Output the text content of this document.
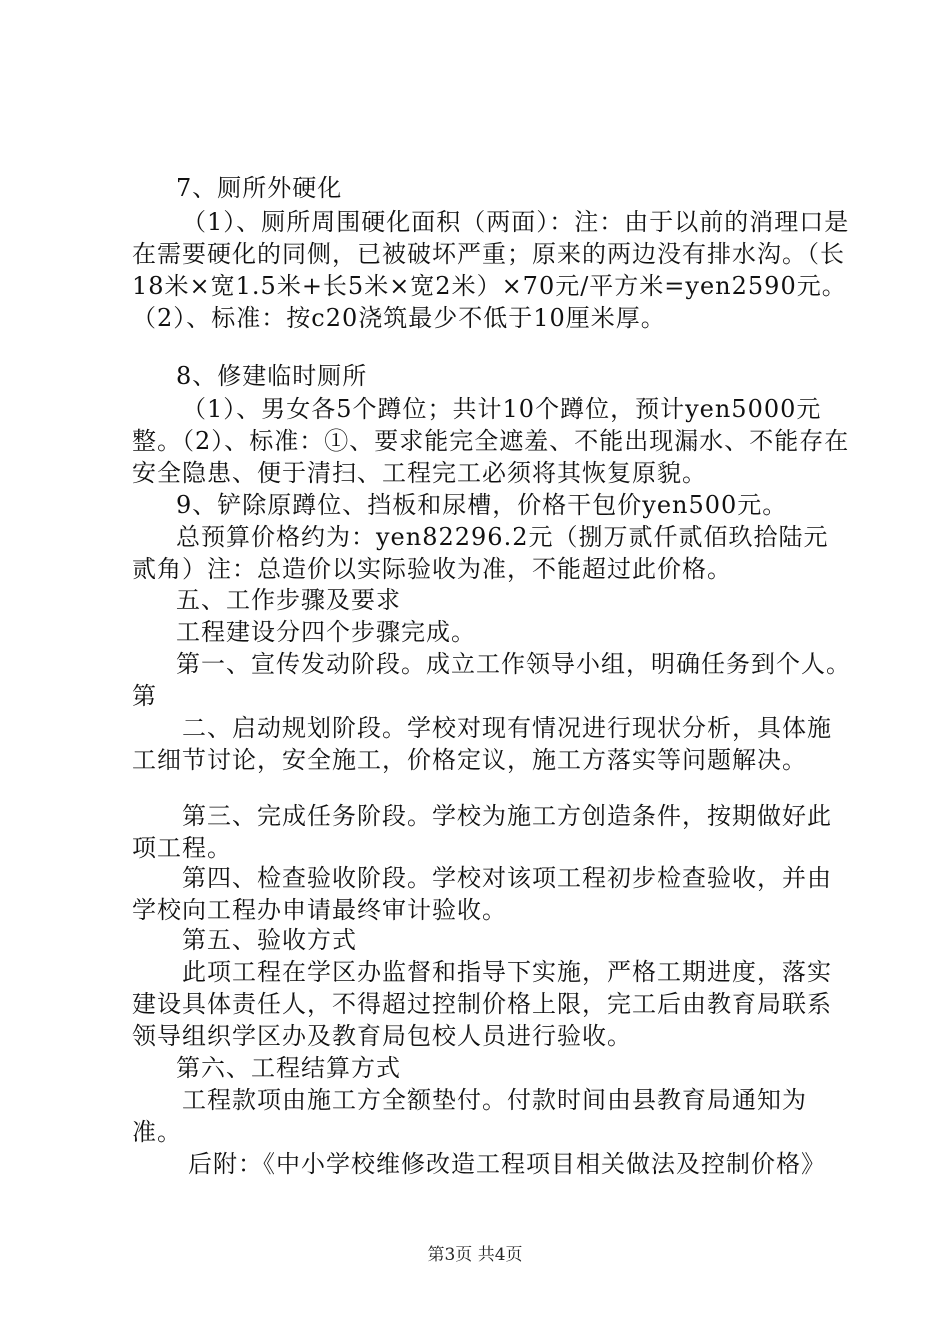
7、厕所外硬化

（1）、厕所周围硬化面积（两面）：注：由于以前的消理口是在需要硬化的同侧，已被破坏严重；原来的两边没有排水沟。（长18米×宽1.5米+长5米×宽2米）×70元/平方米=yen2590元。（2）、标准：按c20浇筑最少不低于10厘米厚。

8、修建临时厕所

（1）、男女各5个蹲位；共计10个蹲位，预计yen5000元整。（2）、标准：①、要求能完全遮羞、不能出现漏水、不能存在安全隐患、便于清扫、工程完工必须将其恢复原貌。

9、铲除原蹲位、挡板和尿槽，价格干包价yen500元。

总预算价格约为：yen82296.2元（捌万贰仟贰佰玖拾陆元贰角）注：总造价以实际验收为准，不能超过此价格。

五、工作步骤及要求

工程建设分四个步骤完成。

第一、宣传发动阶段。成立工作领导小组，明确任务到个人。第

二、启动规划阶段。学校对现有情况进行现状分析，具体施工细节讨论，安全施工，价格定议，施工方落实等问题解决。

第三、完成任务阶段。学校为施工方创造条件，按期做好此项工程。

第四、检查验收阶段。学校对该项工程初步检查验收，并由学校向工程办申请最终审计验收。

第五、验收方式

此项工程在学区办监督和指导下实施，严格工期进度，落实建设具体责任人，不得超过控制价格上限，完工后由教育局联系领导组织学区办及教育局包校人员进行验收。

第六、工程结算方式

工程款项由施工方全额垫付。付款时间由县教育局通知为准。

后附：《中小学校维修改造工程项目相关做法及控制价格》

第3页 共4页
